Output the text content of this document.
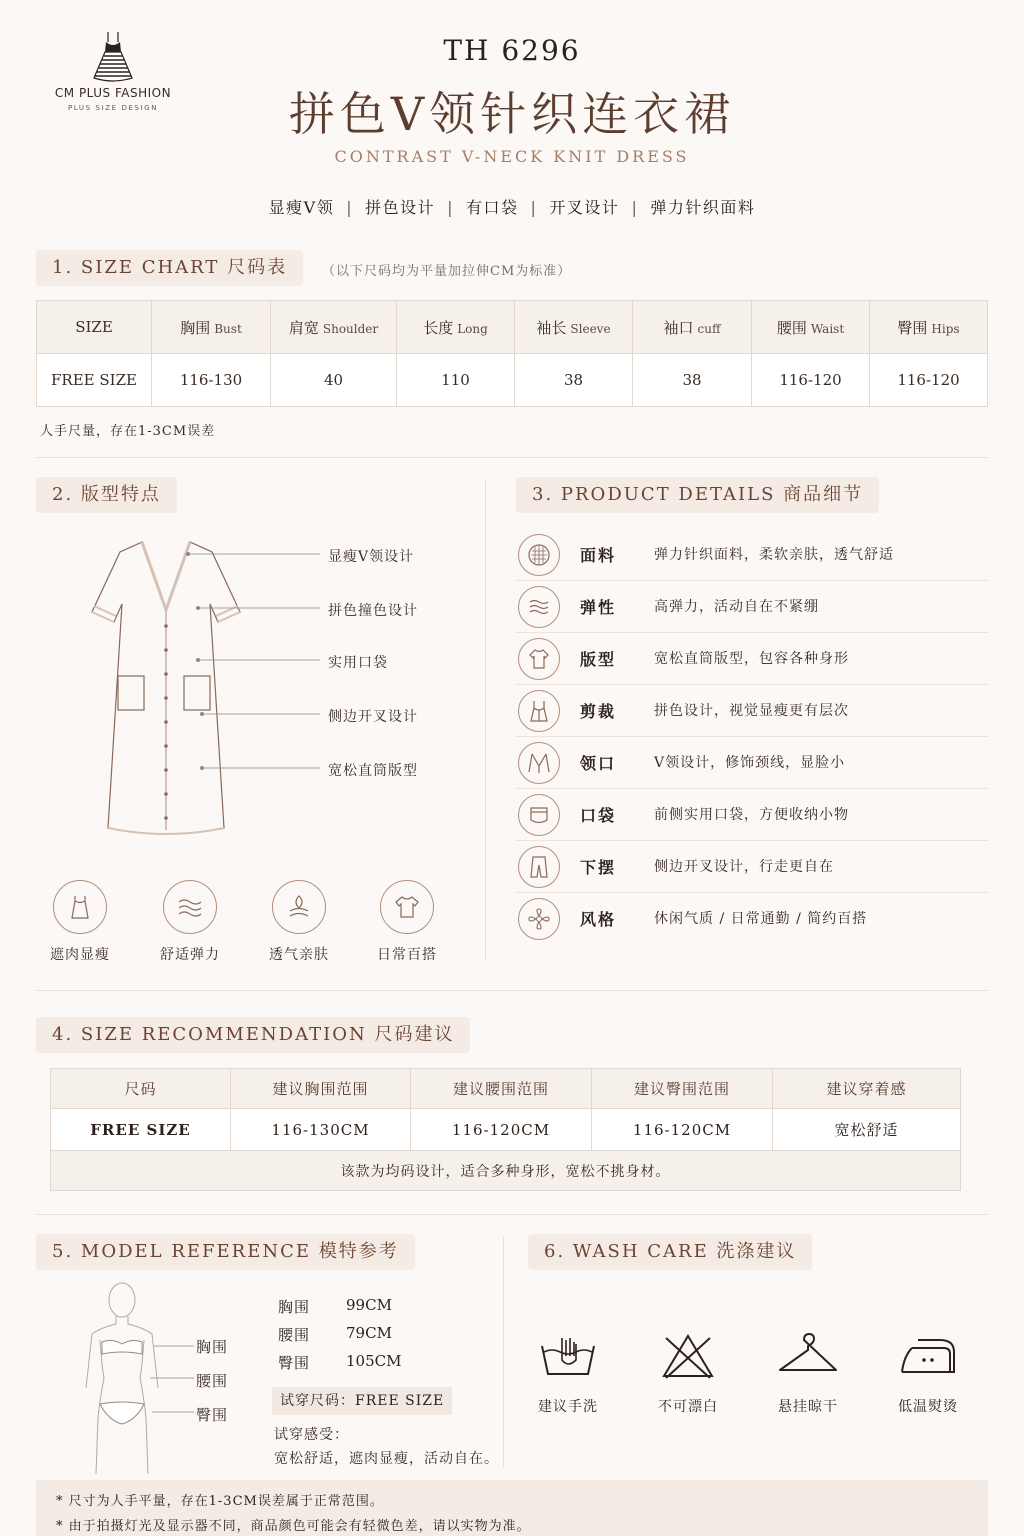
CM PLUS FASHION
PLUS SIZE DESIGN
TH 6296
拼色V领针织连衣裙
CONTRAST V-NECK KNIT DRESS
显瘦V领 | 拼色设计 | 有口袋 | 开叉设计 | 弹力针织面料
1. SIZE CHART 尺码表	（以下尺码均为平量加拉伸CM为标准）
SIZE	胸围 Bust	肩宽 Shoulder	长度 Long	袖长 Sleeve	袖口 cuff	腰围 Waist	臀围 Hips
FREE SIZE	116-130	40	110	38	38	116-120	116-120
人手尺量，存在1-3CM误差
2. 版型特点
显瘦V领设计
拼色撞色设计
实用口袋
侧边开叉设计
宽松直筒版型
遮肉显瘦	舒适弹力	透气亲肤	日常百搭
3. PRODUCT DETAILS 商品细节
面料	弹力针织面料，柔软亲肤，透气舒适
弹性	高弹力，活动自在不紧绷
版型	宽松直筒版型，包容各种身形
剪裁	拼色设计，视觉显瘦更有层次
领口	V领设计，修饰颈线，显脸小
口袋	前侧实用口袋，方便收纳小物
下摆	侧边开叉设计，行走更自在
风格	休闲气质 / 日常通勤 / 简约百搭
4. SIZE RECOMMENDATION 尺码建议
尺码	建议胸围范围	建议腰围范围	建议臀围范围	建议穿着感
FREE SIZE	116-130CM	116-120CM	116-120CM	宽松舒适
该款为均码设计，适合多种身形，宽松不挑身材。				
5. MODEL REFERENCE 模特参考
胸围
腰围
臀围
胸围 99CM
腰围 79CM
臀围 105CM
试穿尺码：FREE SIZE
试穿感受：
宽松舒适，遮肉显瘦，活动自在。
6. WASH CARE 洗涤建议
建议手洗	不可漂白	悬挂晾干	低温熨烫
* 尺寸为人手平量，存在1-3CM误差属于正常范围。
* 由于拍摄灯光及显示器不同，商品颜色可能会有轻微色差，请以实物为准。
